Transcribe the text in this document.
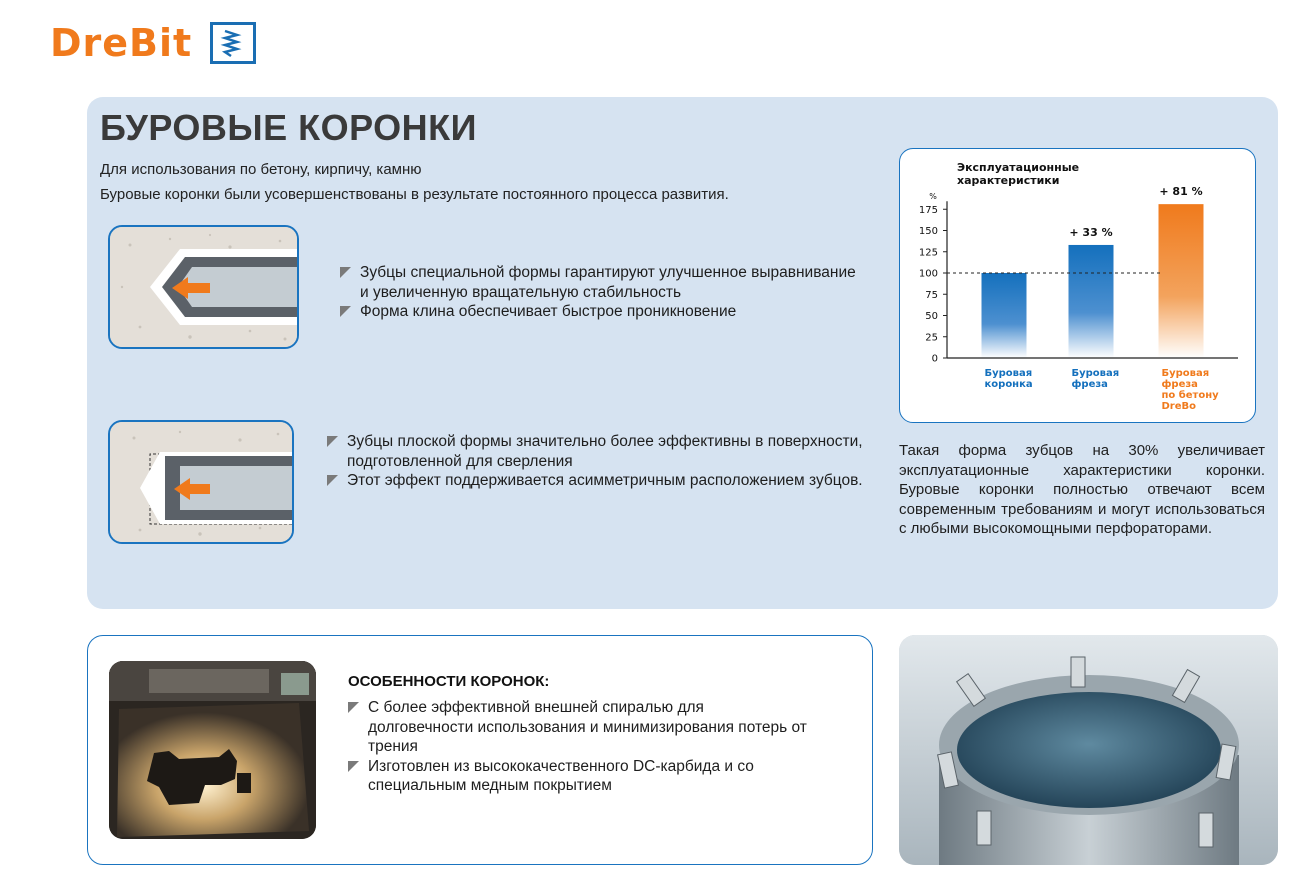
DreBit
БУРОВЫЕ КОРОНКИ
Для использования по бетону, кирпичу, камню
Буровые коронки были усовершенствованы в результате постоянного процесса развития.
Зубцы специальной формы гарантируют улучшенное выравнивание и увеличенную вращательную стабильность
Форма клина обеспечивает быстрое проникновение
Зубцы плоской формы значительно более эффективны в поверхности, подготовленной для сверления
Этот эффект поддерживается асимметричным расположением зубцов.
Эксплуатационные
характеристики
%
0
25
50
75
100
125
150
175
Буровая
коронка
+ 33 %
Буровая
фреза
+ 81 %
Буровая
фреза
по бетону
DreBo
Такая форма зубцов на 30% увеличивает эксплуатационные характеристики коронки. Буровые коронки полностью отвечают всем современным требованиям и могут использоваться с любыми высокомощными перфораторами.
ОСОБЕННОСТИ КОРОНОК:
С более эффективной внешней спиралью для долговечности использования и минимизирования потерь от трения
Изготовлен из высококачественного DC-карбида и со специальным медным покрытием
